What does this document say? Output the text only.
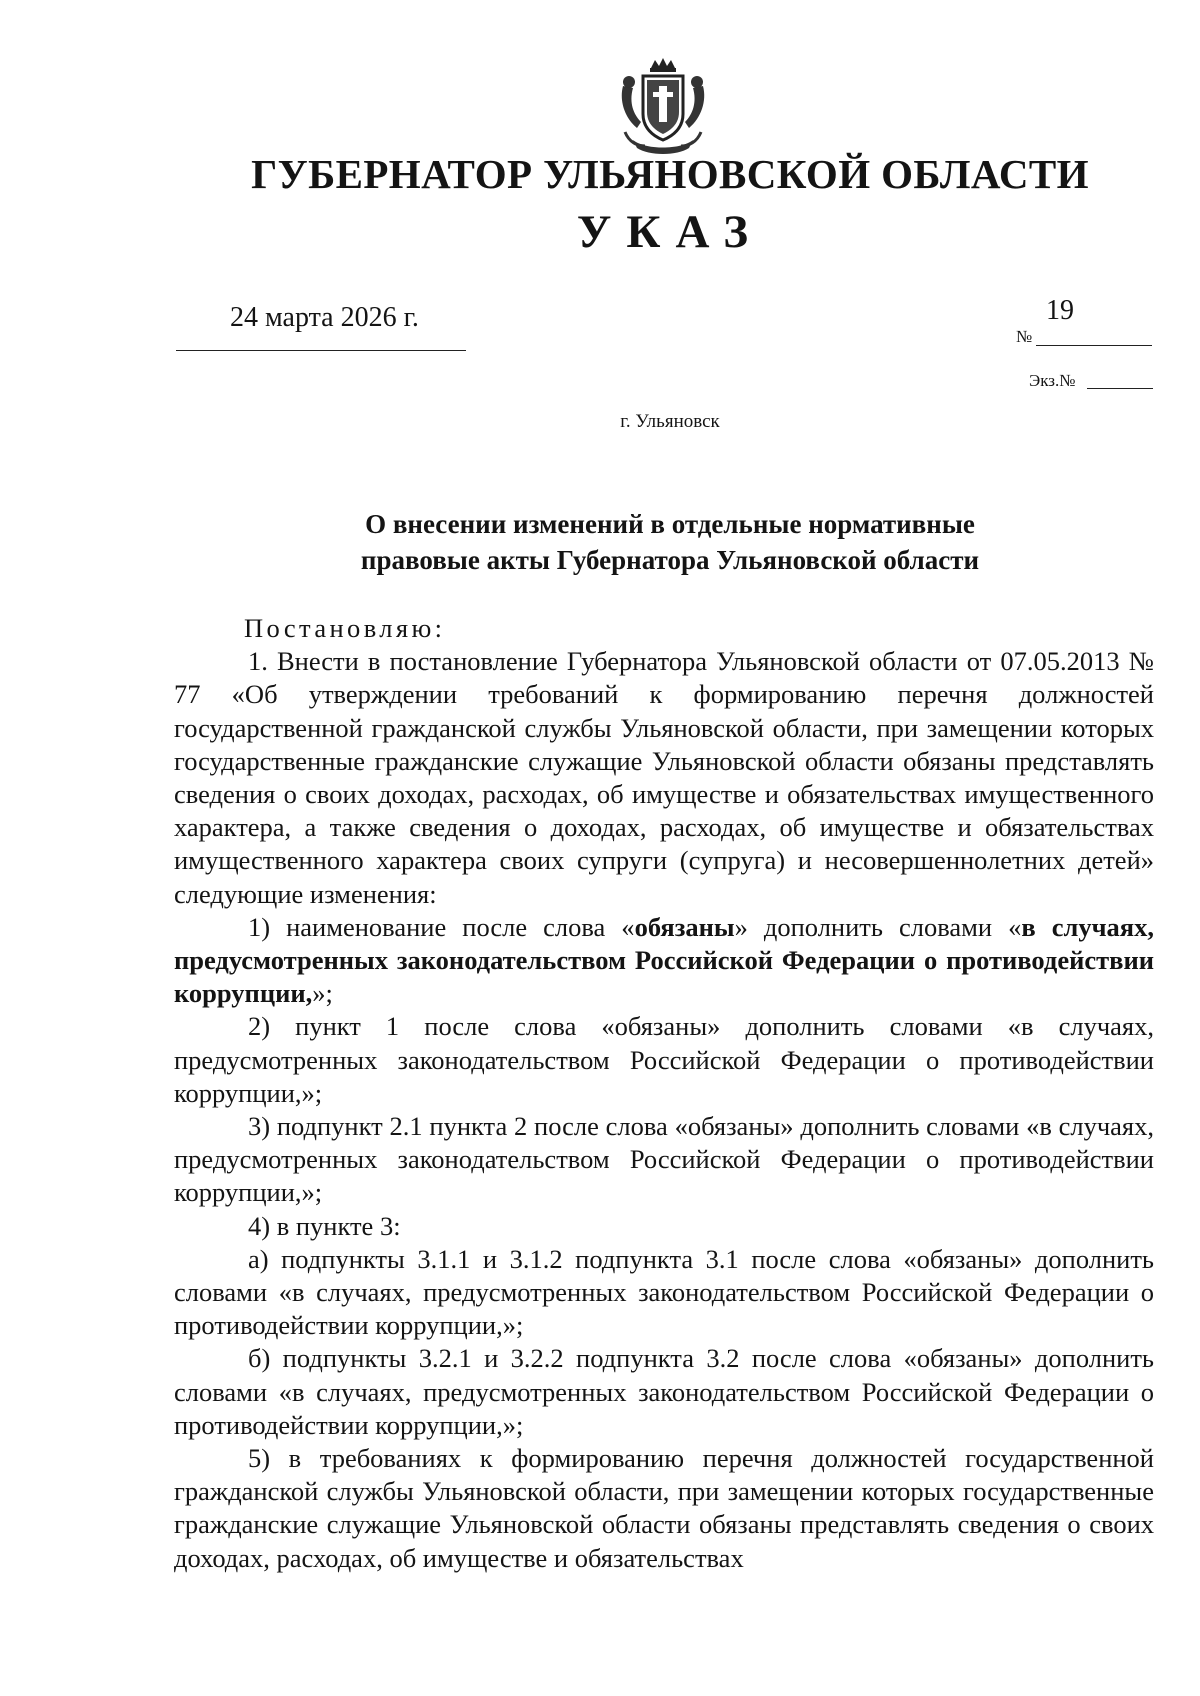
ГУБЕРНАТОР УЛЬЯНОВСКОЙ ОБЛАСТИ
УКАЗ
24 марта 2026 г.	19
№
Экз.№
г. Ульяновск
О внесении изменений в отдельные нормативные
правовые акты Губернатора Ульяновской области

Постановляю:

1. Внести в постановление Губернатора Ульяновской области от 07.05.2013 № 77 «Об утверждении требований к формированию перечня должностей государственной гражданской службы Ульяновской области, при замещении которых государственные гражданские служащие Ульяновской области обязаны представлять сведения о своих доходах, расходах, об имуществе и обязательствах имущественного характера, а также сведения о доходах, расходах, об имуществе и обязательствах имущественного характера своих супруги (супруга) и несовершеннолетних детей» следующие изменения:

1) наименование после слова «обязаны» дополнить словами «в случаях, предусмотренных законодательством Российской Федерации о противодействии коррупции,»;

2) пункт 1 после слова «обязаны» дополнить словами «в случаях, предусмотренных законодательством Российской Федерации о противодействии коррупции,»;

3) подпункт 2.1 пункта 2 после слова «обязаны» дополнить словами «в случаях, предусмотренных законодательством Российской Федерации о противодействии коррупции,»;

4) в пункте 3:

а) подпункты 3.1.1 и 3.1.2 подпункта 3.1 после слова «обязаны» дополнить словами «в случаях, предусмотренных законодательством Российской Федерации о противодействии коррупции,»;

б) подпункты 3.2.1 и 3.2.2 подпункта 3.2 после слова «обязаны» дополнить словами «в случаях, предусмотренных законодательством Российской Федерации о противодействии коррупции,»;

5) в требованиях к формированию перечня должностей государственной гражданской службы Ульяновской области, при замещении которых государственные гражданские служащие Ульяновской области обязаны представлять сведения о своих доходах, расходах, об имуществе и обязательствах
